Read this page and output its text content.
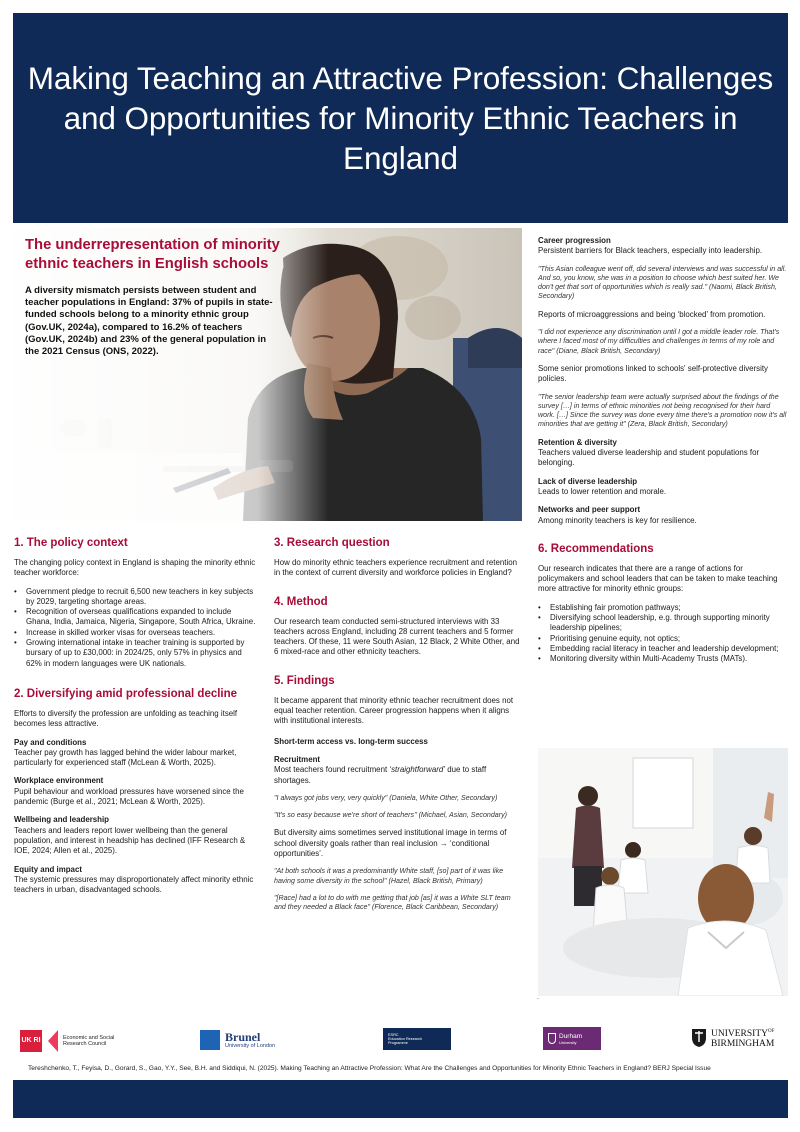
Making Teaching an Attractive Profession: Challenges and Opportunities for Minority Ethnic Teachers in England
The underrepresentation of minority ethnic teachers in English schools

A diversity mismatch persists between student and teacher populations in England: 37% of pupils in state-funded schools belong to a minority ethnic group (Gov.UK, 2024a), compared to 16.2% of teachers (Gov.UK, 2024b) and 23% of the general population in the 2021 Census (ONS, 2022).

1. The policy context

The changing policy context in England is shaping the minority ethnic teacher workforce:

• Government pledge to recruit 6,500 new teachers in key subjects by 2029, targeting shortage areas.
• Recognition of overseas qualifications expanded to include Ghana, India, Jamaica, Nigeria, Singapore, South Africa, Ukraine.
• Increase in skilled worker visas for overseas teachers.
• Growing international intake in teacher training is supported by bursary of up to £30,000: in 2024/25, only 57% in physics and 62% in modern languages were UK nationals.
2. Diversifying amid professional decline

Efforts to diversify the profession are unfolding as teaching itself becomes less attractive.

Pay and conditions

Teacher pay growth has lagged behind the wider labour market, particularly for experienced staff (McLean & Worth, 2025).

Workplace environment

Pupil behaviour and workload pressures have worsened since the pandemic (Burge et al., 2021; McLean & Worth, 2025).

Wellbeing and leadership

Teachers and leaders report lower wellbeing than the general population, and interest in headship has declined (IFF Research & IOE, 2024; Allen et al., 2025).

Equity and impact

The systemic pressures may disproportionately affect minority ethnic teachers in urban, disadvantaged schools.

3. Research question

How do minority ethnic teachers experience recruitment and retention in the context of current diversity and workforce policies in England?

4. Method

Our research team conducted semi-structured interviews with 33 teachers across England, including 28 current teachers and 5 former teachers. Of these, 11 were South Asian, 12 Black, 2 White Other, and 6 mixed-race and other ethnicity teachers.

5. Findings

It became apparent that minority ethnic teacher recruitment does not equal teacher retention. Career progression happens when it aligns with institutional interests.

Short-term access vs. long-term success
Recruitment

Most teachers found recruitment ‘straightforward’ due to staff shortages.

"I always got jobs very, very quickly" (Daniela, White Other, Secondary)

"It's so easy because we're short of teachers" (Michael, Asian, Secondary)

But diversity aims sometimes served institutional image in terms of school diversity goals rather than real inclusion → ‘conditional opportunities’.

"At both schools it was a predominantly White staff, [so] part of it was like having some diversity in the school" (Hazel, Black British, Primary)

"[Race] had a lot to do with me getting that job [as] it was a White SLT team and they needed a Black face" (Florence, Black Caribbean, Secondary)

Career progression

Persistent barriers for Black teachers, especially into leadership.

"This Asian colleague went off, did several interviews and was successful in all. And so, you know, she was in a position to choose which best suited her. We don't get that sort of opportunities which is really sad." (Naomi, Black British, Secondary)

Reports of microaggressions and being ‘blocked’ from promotion.

"I did not experience any discrimination until I got a middle leader role. That's where I faced most of my difficulties and challenges in terms of my role and race" (Diane, Black British, Secondary)

Some senior promotions linked to schools' self-protective diversity policies.

"The senior leadership team were actually surprised about the findings of the survey […] in terms of ethnic minorities not being recognised for their hard work. […] Since the survey was done every time there's a promotion now it's all minorities that are getting it" (Zera, Black British, Secondary)

Retention & diversity

Teachers valued diverse leadership and student populations for belonging.

Lack of diverse leadership

Leads to lower retention and morale.

Networks and peer support

Among minority teachers is key for resilience.

6. Recommendations

Our research indicates that there are a range of actions for policymakers and school leaders that can be taken to make teaching more attractive for minority ethnic groups:

• Establishing fair promotion pathways;
• Diversifying school leadership, e.g. through supporting minority leadership pipelines;
• Prioritising genuine equity, not optics;
• Embedding racial literacy in teacher and leadership development;
• Monitoring diversity within Multi-Academy Trusts (MATs).
.
UK RI	Economic and Social Research Council	Brunel
University of London
ESRC
Education Research Programme
Durham
University
$UNIVERSITY^{OF}$
BIRMINGHAM
Tereshchenko, T., Feyisa, D., Gorard, S., Gao, Y.Y., See, B.H. and Siddiqui, N. (2025). Making Teaching an Attractive Profession: What Are the Challenges and Opportunities for Minority Ethnic Teachers in England? BERJ Special Issue
